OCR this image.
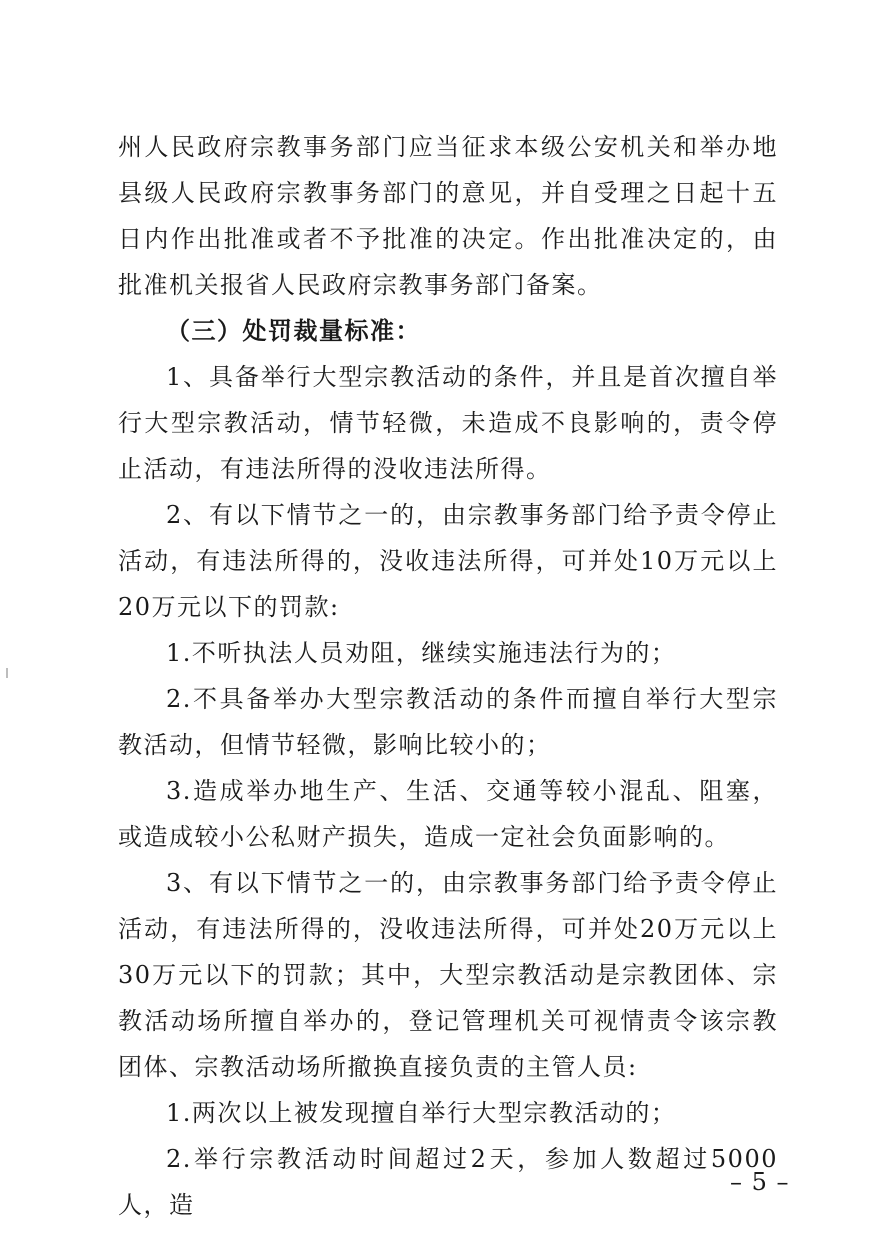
州人民政府宗教事务部门应当征求本级公安机关和举办地县级人民政府宗教事务部门的意见，并自受理之日起十五日内作出批准或者不予批准的决定。作出批准决定的，由批准机关报省人民政府宗教事务部门备案。

（三）处罚裁量标准：

1、具备举行大型宗教活动的条件，并且是首次擅自举行大型宗教活动，情节轻微，未造成不良影响的，责令停止活动，有违法所得的没收违法所得。

2、有以下情节之一的，由宗教事务部门给予责令停止活动，有违法所得的，没收违法所得，可并处10万元以上20万元以下的罚款:

1.不听执法人员劝阻，继续实施违法行为的；

2.不具备举办大型宗教活动的条件而擅自举行大型宗教活动，但情节轻微，影响比较小的；

3.造成举办地生产、生活、交通等较小混乱、阻塞，或造成较小公私财产损失，造成一定社会负面影响的。

3、有以下情节之一的，由宗教事务部门给予责令停止活动，有违法所得的，没收违法所得，可并处20万元以上30万元以下的罚款；其中，大型宗教活动是宗教团体、宗教活动场所擅自举办的，登记管理机关可视情责令该宗教团体、宗教活动场所撤换直接负责的主管人员:

1.两次以上被发现擅自举行大型宗教活动的；

2.举行宗教活动时间超过2天，参加人数超过5000人，造

– 5 –
